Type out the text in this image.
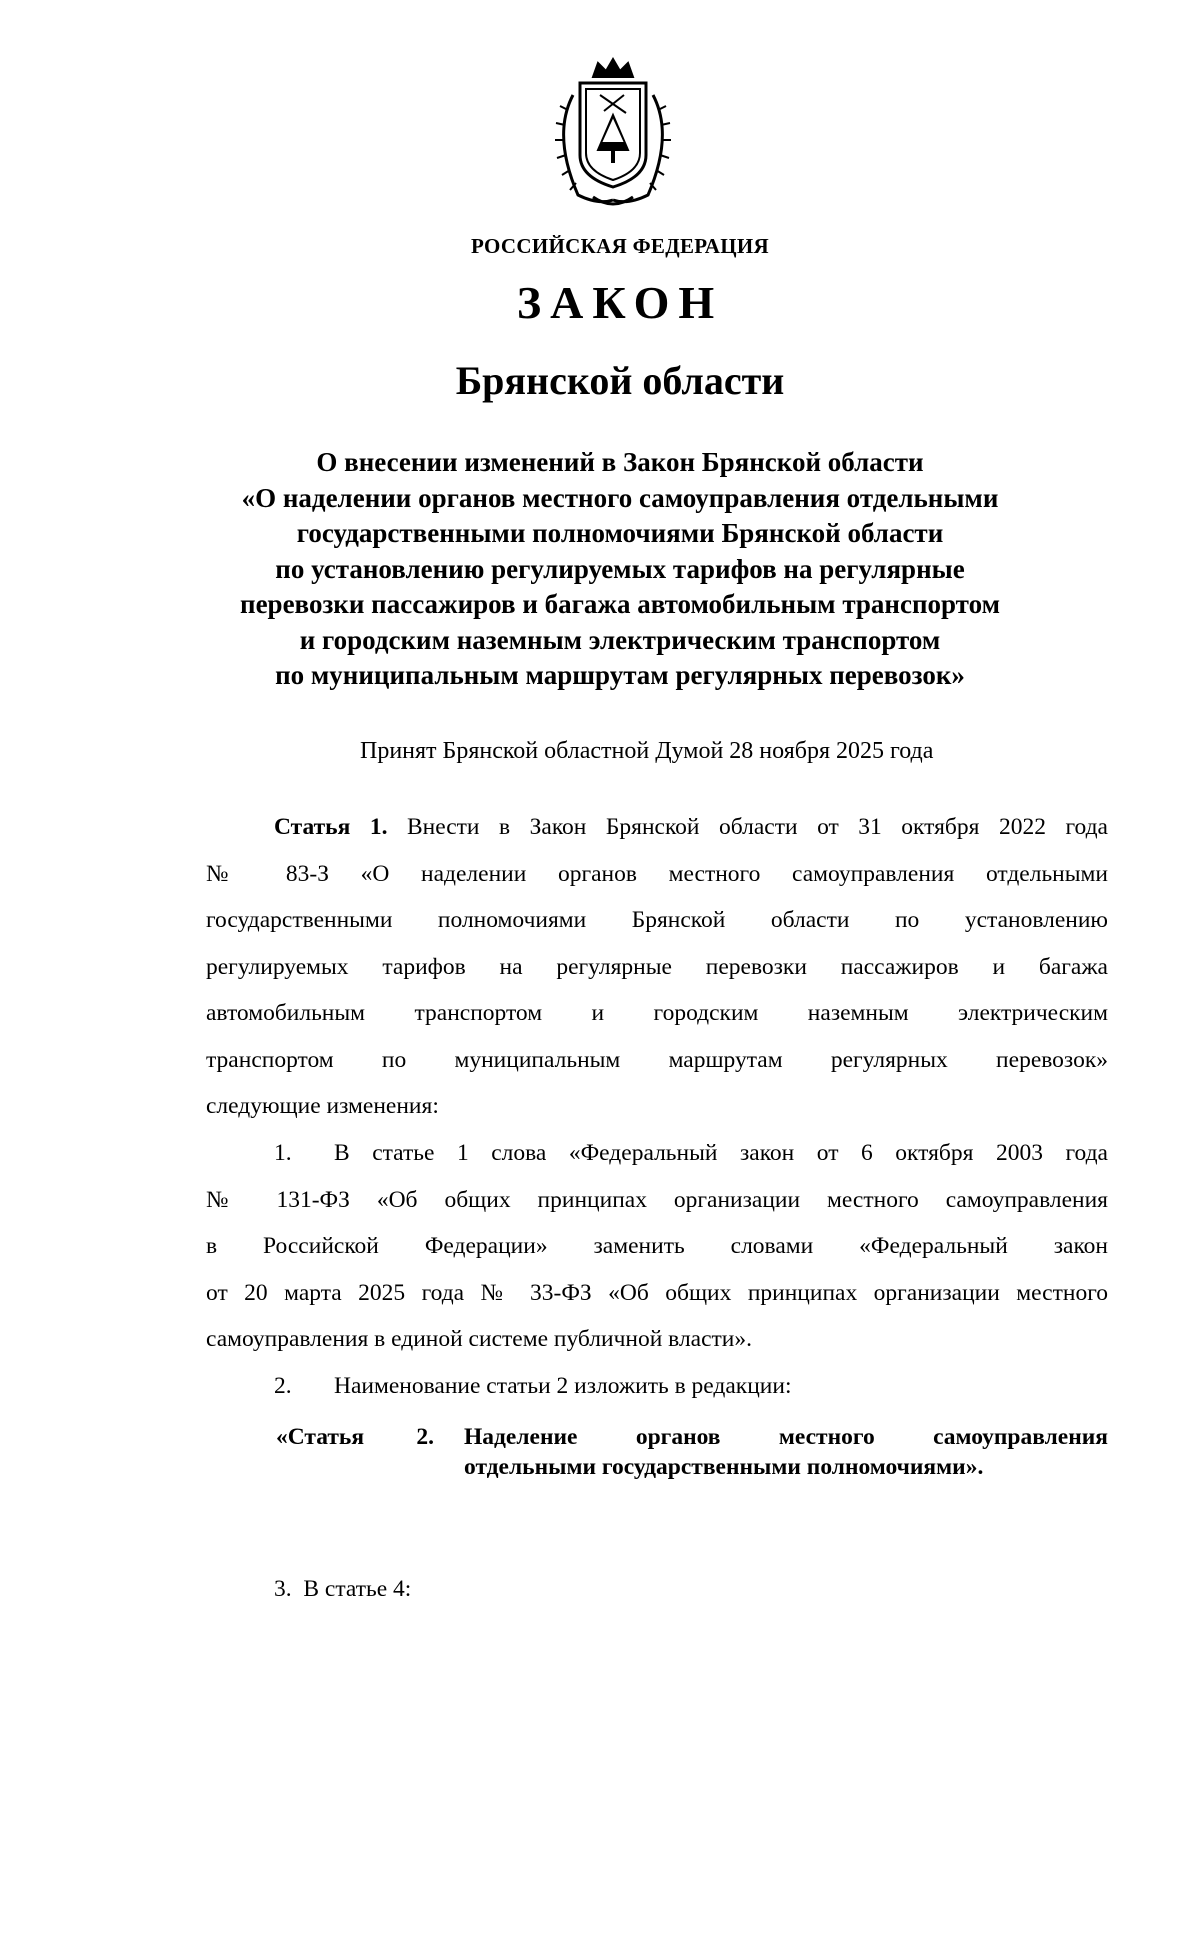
РОССИЙСКАЯ ФЕДЕРАЦИЯ
ЗАКОН
Брянской области
О внесении изменений в Закон Брянской области
«О наделении органов местного самоуправления отдельными
государственными полномочиями Брянской области
по установлению регулируемых тарифов на регулярные
перевозки пассажиров и багажа автомобильным транспортом
и городским наземным электрическим транспортом
по муниципальным маршрутам регулярных перевозок»
Принят Брянской областной Думой 28 ноября 2025 года
Статья 1. Внести в Закон Брянской области от 31 октября 2022 года
№ 83-З «О наделении органов местного самоуправления отдельными
государственными полномочиями Брянской области по установлению
регулируемых тарифов на регулярные перевозки пассажиров и багажа
автомобильным транспортом и городским наземным электрическим
транспортом по муниципальным маршрутам регулярных перевозок»
следующие изменения:
1.	В статье 1 слова «Федеральный закон от 6 октября 2003 года
№ 131-ФЗ «Об общих принципах организации местного самоуправления
в Российской Федерации» заменить словами «Федеральный закон
от 20 марта 2025 года № 33-ФЗ «Об общих принципах организации местного
самоуправления в единой системе публичной власти».
2.	Наименование статьи 2 изложить в редакции:
«Статья 2. Наделение органов местного самоуправления
отдельными государственными полномочиями».

3.  В статье 4:
